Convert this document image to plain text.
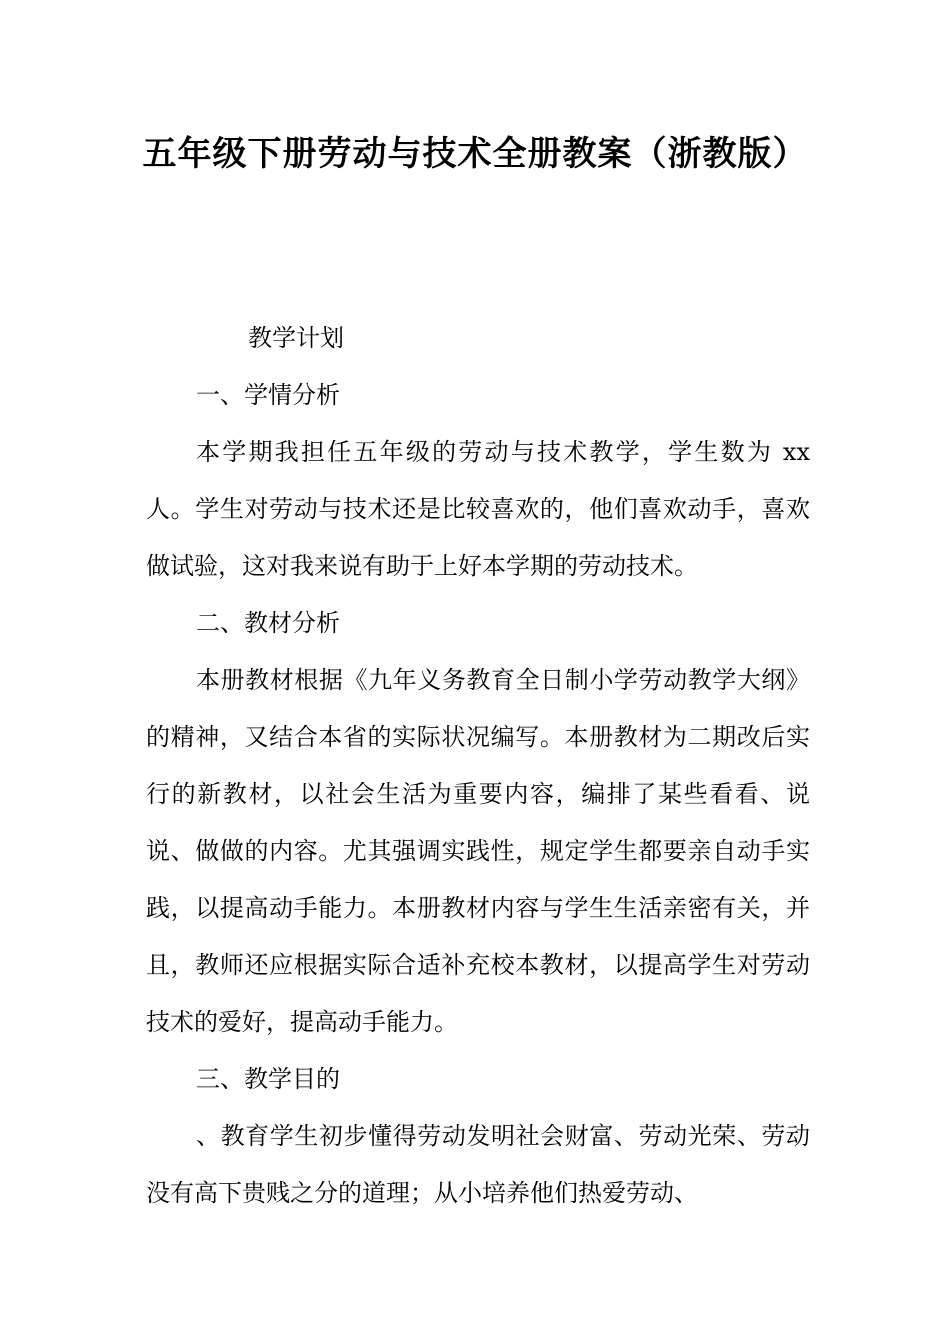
五年级下册劳动与技术全册教案（浙教版）

教学计划

一、学情分析

本学期我担任五年级的劳动与技术教学，学生数为 xx 人。学生对劳动与技术还是比较喜欢的，他们喜欢动手，喜欢做试验，这对我来说有助于上好本学期的劳动技术。

二、教材分析

本册教材根据《九年义务教育全日制小学劳动教学大纲》的精神，又结合本省的实际状况编写。本册教材为二期改后实行的新教材，以社会生活为重要内容，编排了某些看看、说说、做做的内容。尤其强调实践性，规定学生都要亲自动手实践，以提高动手能力。本册教材内容与学生生活亲密有关，并且，教师还应根据实际合适补充校本教材，以提高学生对劳动技术的爱好，提高动手能力。

三、教学目的

、教育学生初步懂得劳动发明社会财富、劳动光荣、劳动没有高下贵贱之分的道理；从小培养他们热爱劳动、
